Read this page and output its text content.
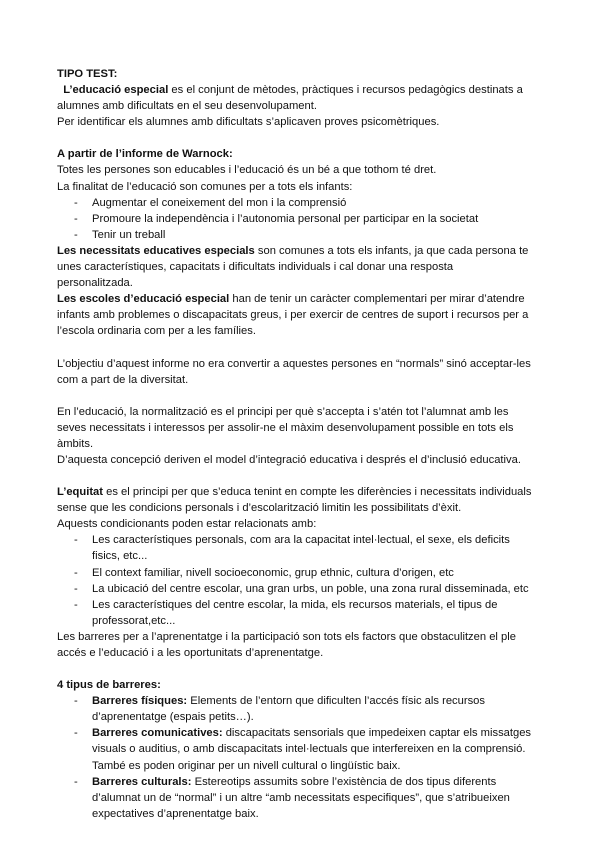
TIPO TEST:

L’educació especial es el conjunt de mètodes, pràctiques i recursos pedagògics destinats a alumnes amb dificultats en el seu desenvolupament.

Per identificar els alumnes amb dificultats s’aplicaven proves psicomètriques.

A partir de l’informe de Warnock:

Totes les persones son educables i l’educació és un bé a que tothom té dret.

La finalitat de l’educació son comunes per a tots els infants:

- Augmentar el coneixement del mon i la comprensió
- Promoure la independència i l’autonomia personal per participar en la societat
- Tenir un treball

Les necessitats educatives especials son comunes a tots els infants, ja que cada persona te unes característiques, capacitats i dificultats individuals i cal donar una resposta personalitzada.

Les escoles d’educació especial han de tenir un caràcter complementari per mirar d’atendre infants amb problemes o discapacitats greus, i per exercir de centres de suport i recursos per a l’escola ordinaria com per a les famílies.

L’objectiu d’aquest informe no era convertir a aquestes persones en “normals” sinó acceptar-les com a part de la diversitat.

En l’educació, la normalització es el principi per què s’accepta i s’atén tot l’alumnat amb les seves necessitats i interessos per assolir-ne el màxim desenvolupament possible en tots els àmbits.

D’aquesta concepció deriven el model d’integració educativa i després el d’inclusió educativa.

L’equitat es el principi per que s’educa tenint en compte les diferències i necessitats individuals sense que les condicions personals i d’escolarització limitin les possibilitats d’èxit.

Aquests condicionants poden estar relacionats amb:

- Les característiques personals, com ara la capacitat intel·lectual, el sexe, els deficits fisics, etc...
- El context familiar, nivell socioeconomic, grup ethnic, cultura d’origen, etc
- La ubicació del centre escolar, una gran urbs, un poble, una zona rural disseminada, etc
- Les característiques del centre escolar, la mida, els recursos materials, el tipus de professorat,etc...

Les barreres per a l’aprenentatge i la participació son tots els factors que obstaculitzen el ple accés e l’educació i a les oportunitats d’aprenentatge.

4 tipus de barreres:

- Barreres físiques: Elements de l’entorn que dificulten l’accés físic als recursos d’aprenentatge (espais petits…).
- Barreres comunicatives: discapacitats sensorials que impedeixen captar els missatges visuals o auditius, o amb discapacitats intel·lectuals que interfereixen en la comprensió.
També es poden originar per un nivell cultural o lingüístic baix.
- Barreres culturals: Estereotips assumits sobre l’existència de dos tipus diferents d’alumnat un de “normal” i un altre “amb necessitats especifiques”, que s’atribueixen expectatives d’aprenentatge baix.
